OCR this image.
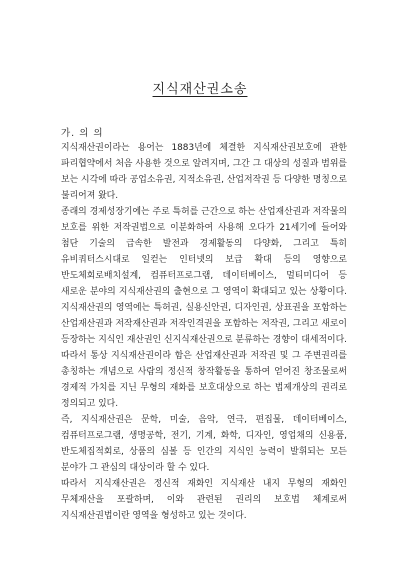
지식재산권소송
가. 의 의

지식재산권이라는 용어는 1883년에 체결한 지식재산권보호에 관한 파리협약에서 처음 사용한 것으로 알려지며, 그간 그 대상의 성질과 범위를 보는 시각에 따라 공업소유권, 지적소유권, 산업저작권 등 다양한 명칭으로 불리어져 왔다.

종래의 경제성장기에는 주로 특허를 근간으로 하는 산업재산권과 저작물의 보호를 위한 저작권법으로 이분화하여 사용해 오다가 21세기에 들어와 첨단 기술의 급속한 발전과 경제활동의 다양화, 그리고 특히 유비쿼터스시대로 일컫는 인터넷의 보급 확대 등의 영향으로 반도체회로배치설계, 컴퓨터프로그램, 데이터베이스, 멀티미디어 등 새로운 분야의 지식재산권의 출현으로 그 영역이 확대되고 있는 상황이다. 지식재산권의 영역에는 특허권, 실용신안권, 디자인권, 상표권을 포함하는 산업재산권과 저작재산권과 저작인격권을 포함하는 저작권, 그리고 새로이 등장하는 지식인 재산권인 신지식재산권으로 분류하는 경향이 대세적이다. 따라서 통상 지식재산권이라 함은 산업재산권과 저작권 및 그 주변권리를 총칭하는 개념으로 사람의 정신적 창작활동을 통하여 얻어진 창조물로써 경제적 가치를 지닌 무형의 재화를 보호대상으로 하는 법제개상의 권리로 정의되고 있다.

즉, 지식재산권은 문학, 미술, 음악, 연극, 편집물, 데이터베이스, 컴퓨터프로그램, 생명공학, 전기, 기계, 화학, 디자인, 영업채의 신용품, 반도체집적회로, 상품의 심볼 등 인간의 지식인 능력이 발휘되는 모든 분야가 그 관심의 대상이라 할 수 있다.

따라서 지식재산권은 정신적 재화인 지식재산 내지 무형의 재화인 무체재산을 포괄하며, 이와 관련된 권리의 보호법 체계로써 지식재산권법이란 영역을 형성하고 있는 것이다.
